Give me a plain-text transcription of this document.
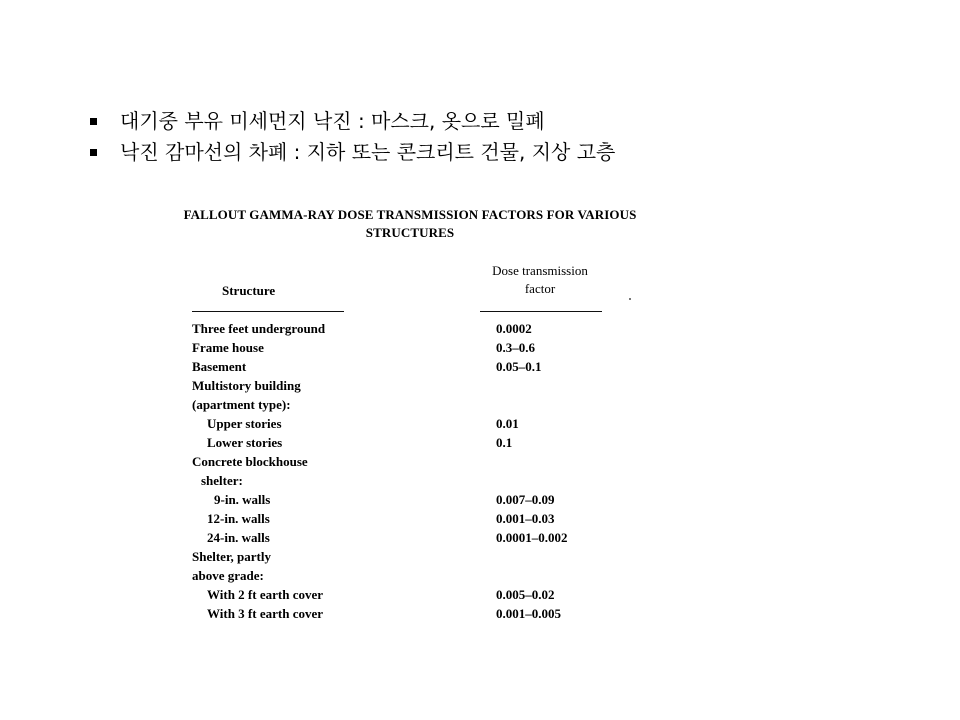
대기중 부유 미세먼지 낙진 : 마스크, 옷으로 밀폐
낙진 감마선의 차폐 : 지하 또는 콘크리트 건물, 지상 고층
FALLOUT GAMMA-RAY DOSE TRANSMISSION FACTORS FOR VARIOUS
STRUCTURES
Dose transmission
factor
Structure
Three feet underground	0.0002
Frame house	0.3–0.6
Basement	0.05–0.1
Multistory building
(apartment type):
Upper stories	0.01
Lower stories	0.1
Concrete blockhouse
shelter:
9-in. walls	0.007–0.09
12-in. walls	0.001–0.03
24-in. walls	0.0001–0.002
Shelter, partly
above grade:
With 2 ft earth cover	0.005–0.02
With 3 ft earth cover	0.001–0.005
